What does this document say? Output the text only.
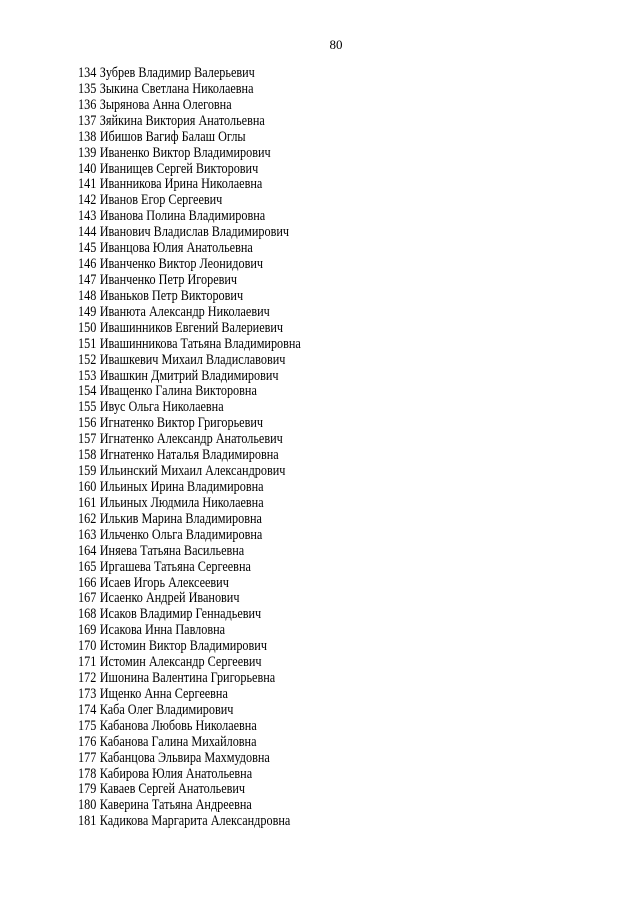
80
134 Зубрев Владимир Валерьевич
135 Зыкина Светлана Николаевна
136 Зырянова Анна Олеговна
137 Зяйкина Виктория Анатольевна
138 Ибишов Вагиф Балаш Оглы
139 Иваненко Виктор Владимирович
140 Иванищев Сергей Викторович
141 Иванникова Ирина Николаевна
142 Иванов Егор Сергеевич
143 Иванова Полина Владимировна
144 Иванович Владислав Владимирович
145 Иванцова Юлия Анатольевна
146 Иванченко Виктор Леонидович
147 Иванченко Петр Игоревич
148 Иваньков Петр Викторович
149 Иванюта Александр Николаевич
150 Ивашинников Евгений Валериевич
151 Ивашинникова Татьяна Владимировна
152 Ивашкевич Михаил Владиславович
153 Ивашкин Дмитрий Владимирович
154 Иващенко Галина Викторовна
155 Ивус Ольга Николаевна
156 Игнатенко Виктор Григорьевич
157 Игнатенко Александр Анатольевич
158 Игнатенко Наталья Владимировна
159 Ильинский Михаил Александрович
160 Ильиных Ирина Владимировна
161 Ильиных Людмила Николаевна
162 Илькив Марина Владимировна
163 Ильченко Ольга Владимировна
164 Иняева Татьяна Васильевна
165 Иргашева Татьяна Сергеевна
166 Исаев Игорь Алексеевич
167 Исаенко Андрей Иванович
168 Исаков Владимир Геннадьевич
169 Исакова Инна Павловна
170 Истомин Виктор Владимирович
171 Истомин Александр Сергеевич
172 Ишонина Валентина Григорьевна
173 Ищенко Анна Сергеевна
174 Каба Олег Владимирович
175 Кабанова Любовь Николаевна
176 Кабанова Галина Михайловна
177 Кабанцова Эльвира Махмудовна
178 Кабирова Юлия Анатольевна
179 Каваев Сергей Анатольевич
180 Каверина Татьяна Андреевна
181 Кадикова Маргарита Александровна
